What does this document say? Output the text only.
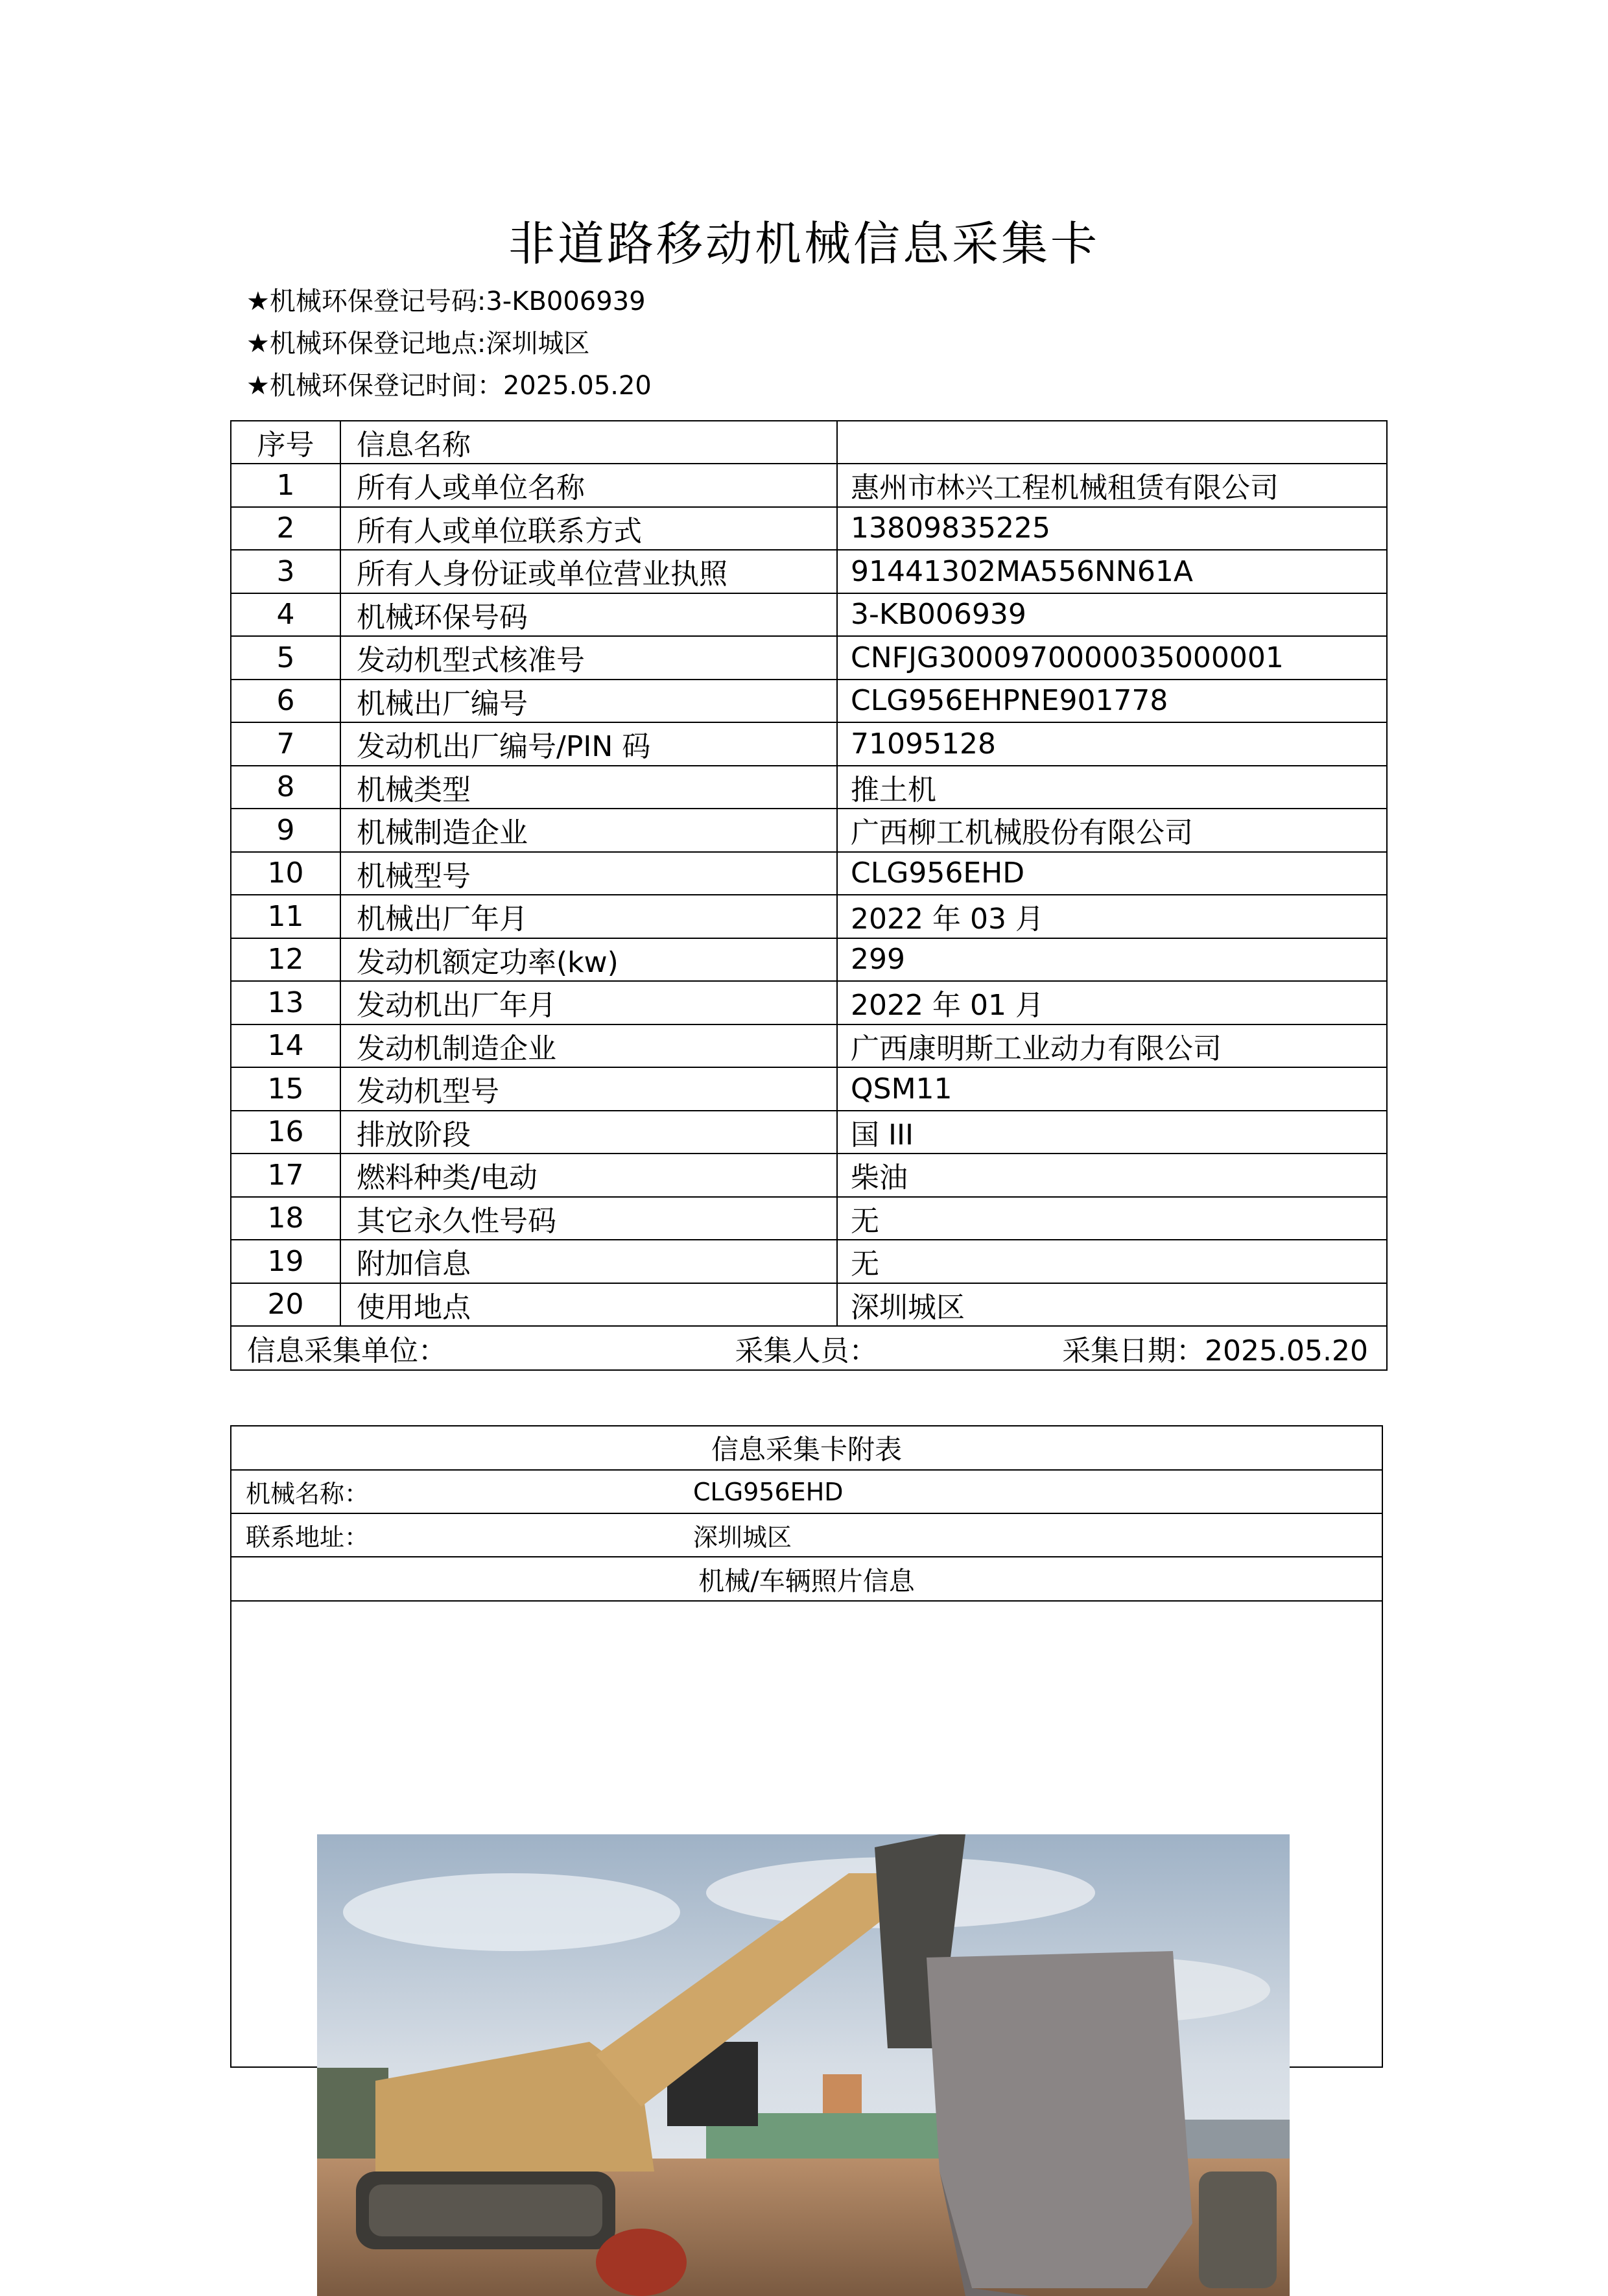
非道路移动机械信息采集卡
★机械环保登记号码:3-KB006939
★机械环保登记地点:深圳城区
★机械环保登记时间：2025.05.20
序号	信息名称	
1	所有人或单位名称	惠州市林兴工程机械租赁有限公司
2	所有人或单位联系方式	13809835225
3	所有人身份证或单位营业执照	91441302MA556NN61A
4	机械环保号码	3-KB006939
5	发动机型式核准号	CNFJG3000970000035000001
6	机械出厂编号	CLG956EHPNE901778
7	发动机出厂编号/PIN 码	71095128
8	机械类型	推土机
9	机械制造企业	广西柳工机械股份有限公司
10	机械型号	CLG956EHD
11	机械出厂年月	2022 年 03 月
12	发动机额定功率(kw)	299
13	发动机出厂年月	2022 年 01 月
14	发动机制造企业	广西康明斯工业动力有限公司
15	发动机型号	QSM11
16	排放阶段	国 III
17	燃料种类/电动	柴油
18	其它永久性号码	无
19	附加信息	无
20	使用地点	深圳城区

信息采集单位： 采集人员： 采集日期：2025.05.20		
信息采集卡附表	
机械名称：	CLG956EHD
联系地址：	深圳城区
机械/车辆照片信息	
